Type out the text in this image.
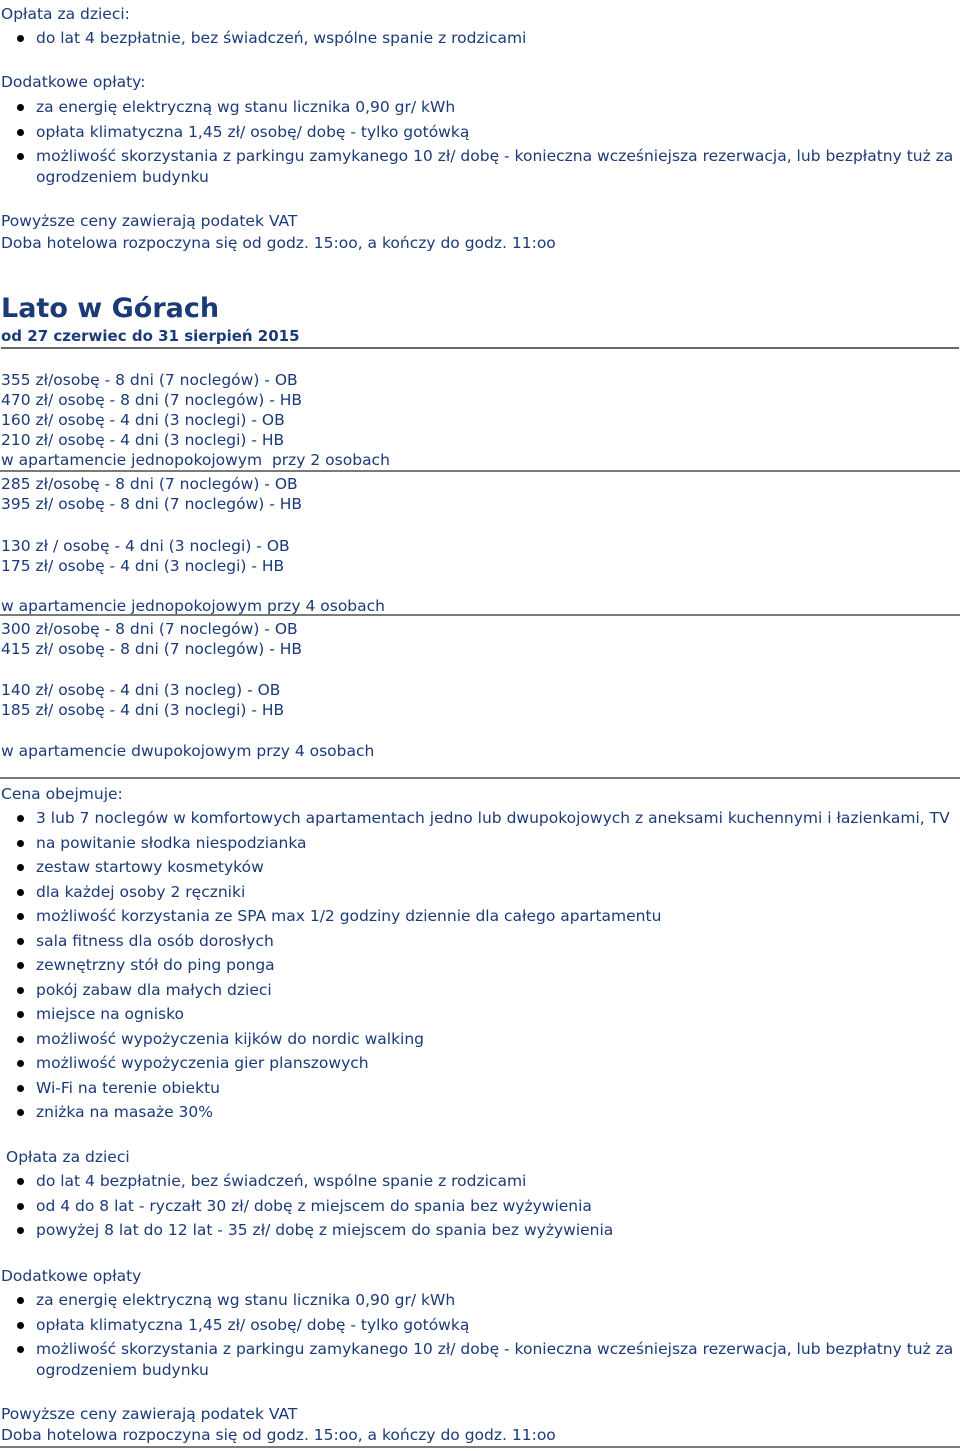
Opłata za dzieci:
do lat 4 bezpłatnie, bez świadczeń, wspólne spanie z rodzicami
Dodatkowe opłaty:
za energię elektryczną wg stanu licznika 0,90 gr/ kWh
opłata klimatyczna 1,45 zł/ osobę/ dobę - tylko gotówką
możliwość skorzystania z parkingu zamykanego 10 zł/ dobę - konieczna wcześniejsza rezerwacja, lub bezpłatny tuż za
ogrodzeniem budynku
Powyższe ceny zawierają podatek VAT
Doba hotelowa rozpoczyna się od godz. 15:oo, a kończy do godz. 11:oo
Lato w Górach
od 27 czerwiec do 31 sierpień 2015
355 zł/osobę - 8 dni (7 noclegów) - OB
470 zł/ osobę - 8 dni (7 noclegów) - HB
160 zł/ osobę - 4 dni (3 noclegi) - OB
210 zł/ osobę - 4 dni (3 noclegi) - HB
w apartamencie jednopokojowym  przy 2 osobach
285 zł/osobę - 8 dni (7 noclegów) - OB
395 zł/ osobę - 8 dni (7 noclegów) - HB
130 zł / osobę - 4 dni (3 noclegi) - OB
175 zł/ osobę - 4 dni (3 noclegi) - HB
w apartamencie jednopokojowym przy 4 osobach
300 zł/osobę - 8 dni (7 noclegów) - OB
415 zł/ osobę - 8 dni (7 noclegów) - HB
140 zł/ osobę - 4 dni (3 nocleg) - OB
185 zł/ osobę - 4 dni (3 noclegi) - HB
w apartamencie dwupokojowym przy 4 osobach
Cena obejmuje:
3 lub 7 noclegów w komfortowych apartamentach jedno lub dwupokojowych z aneksami kuchennymi i łazienkami, TV
na powitanie słodka niespodzianka
zestaw startowy kosmetyków
dla każdej osoby 2 ręczniki
możliwość korzystania ze SPA max 1/2 godziny dziennie dla całego apartamentu
sala fitness dla osób dorosłych
zewnętrzny stół do ping ponga
pokój zabaw dla małych dzieci
miejsce na ognisko
możliwość wypożyczenia kijków do nordic walking
możliwość wypożyczenia gier planszowych
Wi-Fi na terenie obiektu
zniżka na masaże 30%
Opłata za dzieci
do lat 4 bezpłatnie, bez świadczeń, wspólne spanie z rodzicami
od 4 do 8 lat - ryczałt 30 zł/ dobę z miejscem do spania bez wyżywienia
powyżej 8 lat do 12 lat - 35 zł/ dobę z miejscem do spania bez wyżywienia
Dodatkowe opłaty
za energię elektryczną wg stanu licznika 0,90 gr/ kWh
opłata klimatyczna 1,45 zł/ osobę/ dobę - tylko gotówką
możliwość skorzystania z parkingu zamykanego 10 zł/ dobę - konieczna wcześniejsza rezerwacja, lub bezpłatny tuż za
ogrodzeniem budynku
Powyższe ceny zawierają podatek VAT
Doba hotelowa rozpoczyna się od godz. 15:oo, a kończy do godz. 11:oo
